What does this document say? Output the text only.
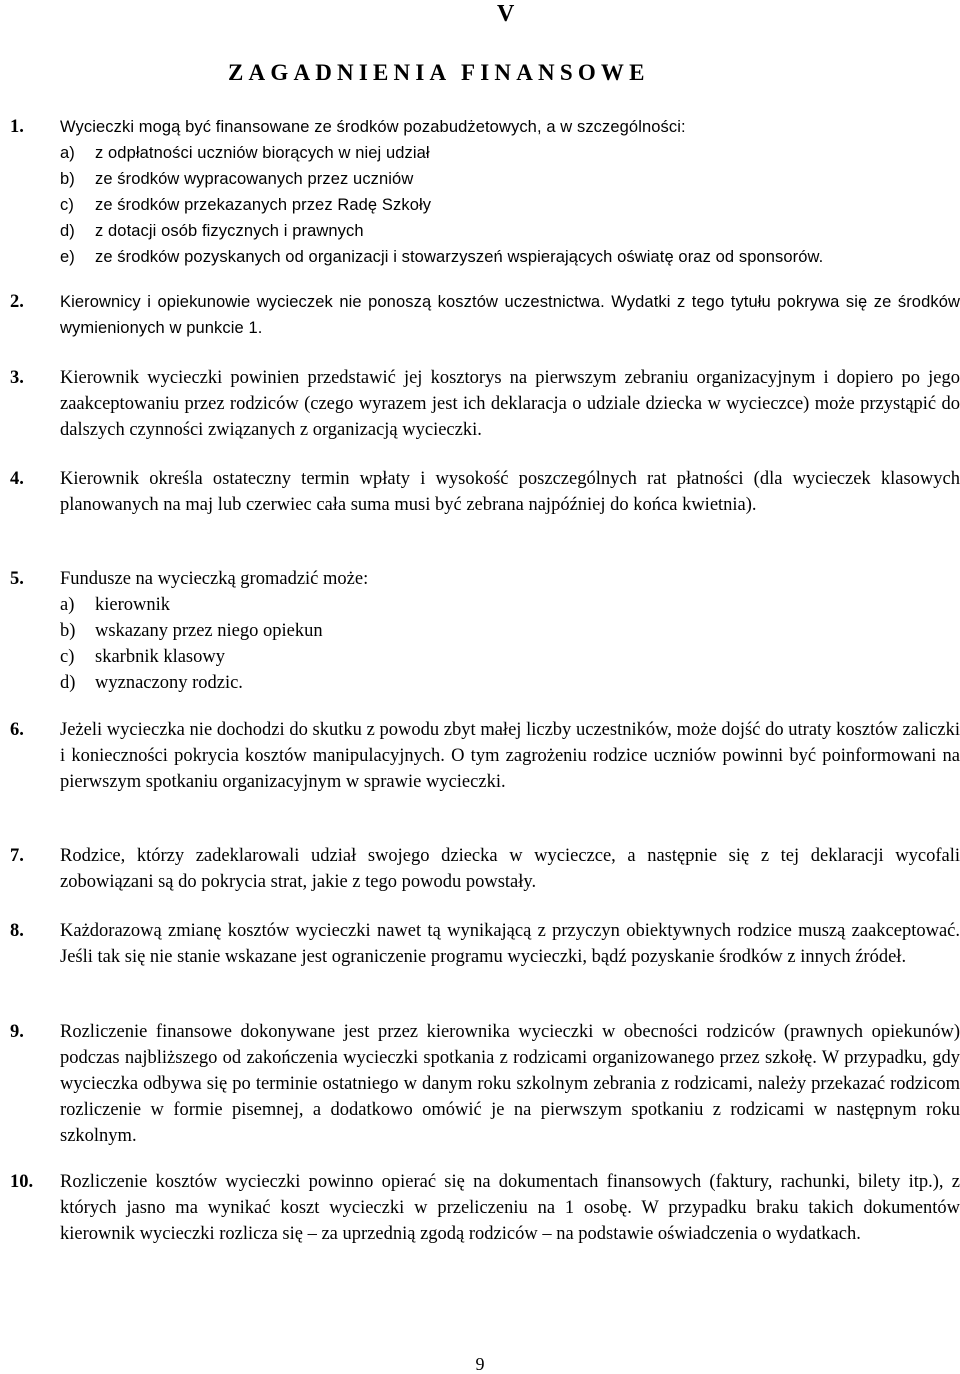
V
ZAGADNIENIA FINANSOWE
1.	Wycieczki mogą być finansowane ze środków pozabudżetowych, a w szczególności:
a) z odpłatności uczniów biorących w niej udział
b) ze środków wypracowanych przez uczniów
c) ze środków przekazanych przez Radę Szkoły
d) z dotacji osób fizycznych i prawnych
e) ze środków pozyskanych od organizacji i stowarzyszeń wspierających oświatę oraz od sponsorów.
2.	Kierownicy i opiekunowie wycieczek nie ponoszą kosztów uczestnictwa. Wydatki z tego tytułu pokrywa się ze środków wymienionych w punkcie 1.
3.	Kierownik wycieczki powinien przedstawić jej kosztorys na pierwszym zebraniu organizacyjnym i dopiero po jego zaakceptowaniu przez rodziców (czego wyrazem jest ich deklaracja o udziale dziecka w wycieczce) może przystąpić do dalszych czynności związanych z organizacją wycieczki.
4.	Kierownik określa ostateczny termin wpłaty i wysokość poszczególnych rat płatności (dla wycieczek klasowych planowanych na maj lub czerwiec cała suma musi być zebrana najpóźniej do końca kwietnia).
5.	Fundusze na wycieczką gromadzić może:
a) kierownik
b) wskazany przez niego opiekun
c) skarbnik klasowy
d) wyznaczony rodzic.
6.	Jeżeli wycieczka nie dochodzi do skutku z powodu zbyt małej liczby uczestników, może dojść do utraty kosztów zaliczki i konieczności pokrycia kosztów manipulacyjnych. O tym zagrożeniu rodzice uczniów powinni być poinformowani na pierwszym spotkaniu organizacyjnym w sprawie wycieczki.
7.	Rodzice, którzy zadeklarowali udział swojego dziecka w wycieczce, a następnie się z tej deklaracji wycofali zobowiązani są do pokrycia strat, jakie z tego powodu powstały.
8.	Każdorazową zmianę kosztów wycieczki nawet tą wynikającą z przyczyn obiektywnych rodzice muszą zaakceptować. Jeśli tak się nie stanie wskazane jest ograniczenie programu wycieczki, bądź pozyskanie środków z innych źródeł.
9.	Rozliczenie finansowe dokonywane jest przez kierownika wycieczki w obecności rodziców (prawnych opiekunów) podczas najbliższego od zakończenia wycieczki spotkania z rodzicami organizowanego przez szkołę. W przypadku, gdy wycieczka odbywa się po terminie ostatniego w danym roku szkolnym zebrania z rodzicami, należy przekazać rodzicom rozliczenie w formie pisemnej, a dodatkowo omówić je na pierwszym spotkaniu z rodzicami w następnym roku szkolnym.
10.	Rozliczenie kosztów wycieczki powinno opierać się na dokumentach finansowych (faktury, rachunki, bilety itp.), z których jasno ma wynikać koszt wycieczki w przeliczeniu na 1 osobę. W przypadku braku takich dokumentów kierownik wycieczki rozlicza się – za uprzednią zgodą rodziców – na podstawie oświadczenia o wydatkach.
9
